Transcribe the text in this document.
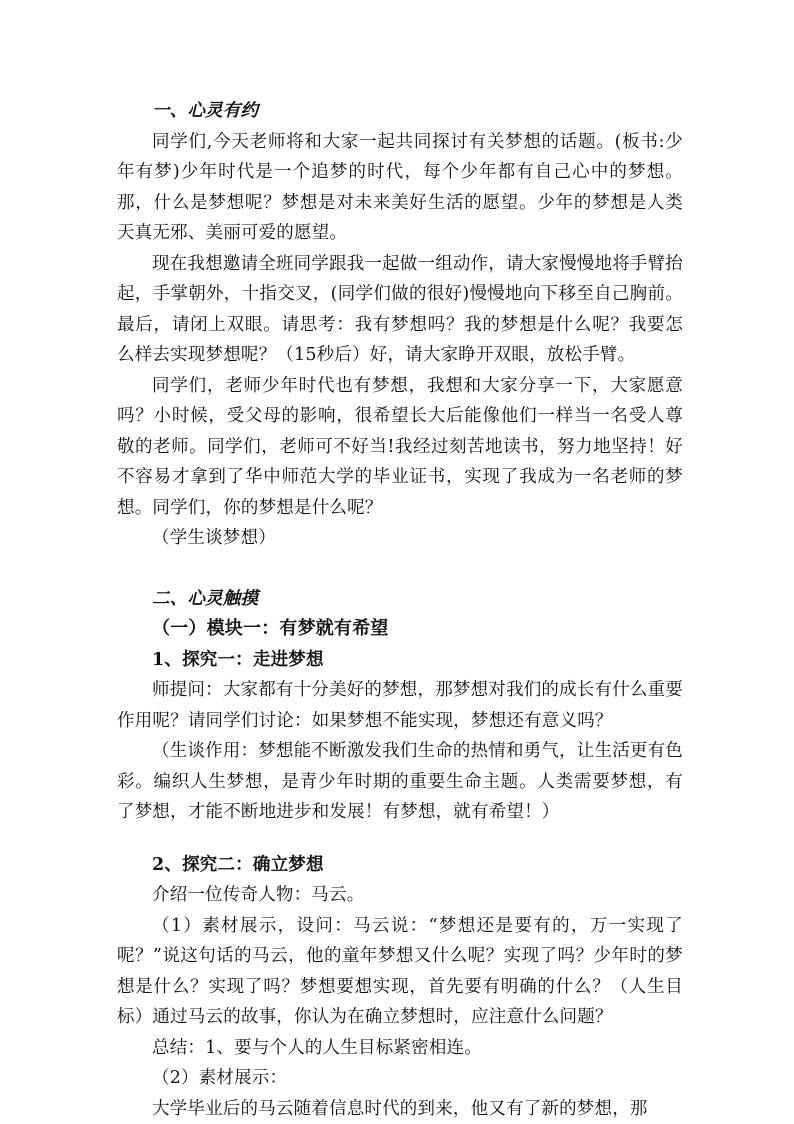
一、心灵有约

同学们,今天老师将和大家一起共同探讨有关梦想的话题。(板书:少年有梦)少年时代是一个追梦的时代，每个少年都有自己心中的梦想。那，什么是梦想呢？梦想是对未来美好生活的愿望。少年的梦想是人类天真无邪、美丽可爱的愿望。

现在我想邀请全班同学跟我一起做一组动作，请大家慢慢地将手臂抬起，手掌朝外，十指交叉，(同学们做的很好)慢慢地向下移至自己胸前。最后，请闭上双眼。请思考：我有梦想吗？我的梦想是什么呢？我要怎么样去实现梦想呢？（15秒后）好，请大家睁开双眼，放松手臂。

同学们，老师少年时代也有梦想，我想和大家分享一下，大家愿意吗？小时候，受父母的影响，很希望长大后能像他们一样当一名受人尊敬的老师。同学们，老师可不好当!我经过刻苦地读书，努力地坚持！好不容易才拿到了华中师范大学的毕业证书，实现了我成为一名老师的梦想。同学们，你的梦想是什么呢？

（学生谈梦想）

二、心灵触摸

（一）模块一：有梦就有希望

1、探究一：走进梦想

师提问：大家都有十分美好的梦想，那梦想对我们的成长有什么重要作用呢？请同学们讨论：如果梦想不能实现，梦想还有意义吗？

（生谈作用：梦想能不断激发我们生命的热情和勇气，让生活更有色彩。编织人生梦想，是青少年时期的重要生命主题。人类需要梦想，有了梦想，才能不断地进步和发展！有梦想，就有希望！）

2、探究二：确立梦想

介绍一位传奇人物：马云。

（1）素材展示，设问：马云说：“梦想还是要有的，万一实现了呢？”说这句话的马云，他的童年梦想又什么呢？实现了吗？少年时的梦想是什么？实现了吗？梦想要想实现，首先要有明确的什么？（人生目标）通过马云的故事，你认为在确立梦想时，应注意什么问题？

总结：1、要与个人的人生目标紧密相连。

（2）素材展示：

大学毕业后的马云随着信息时代的到来，他又有了新的梦想，那
